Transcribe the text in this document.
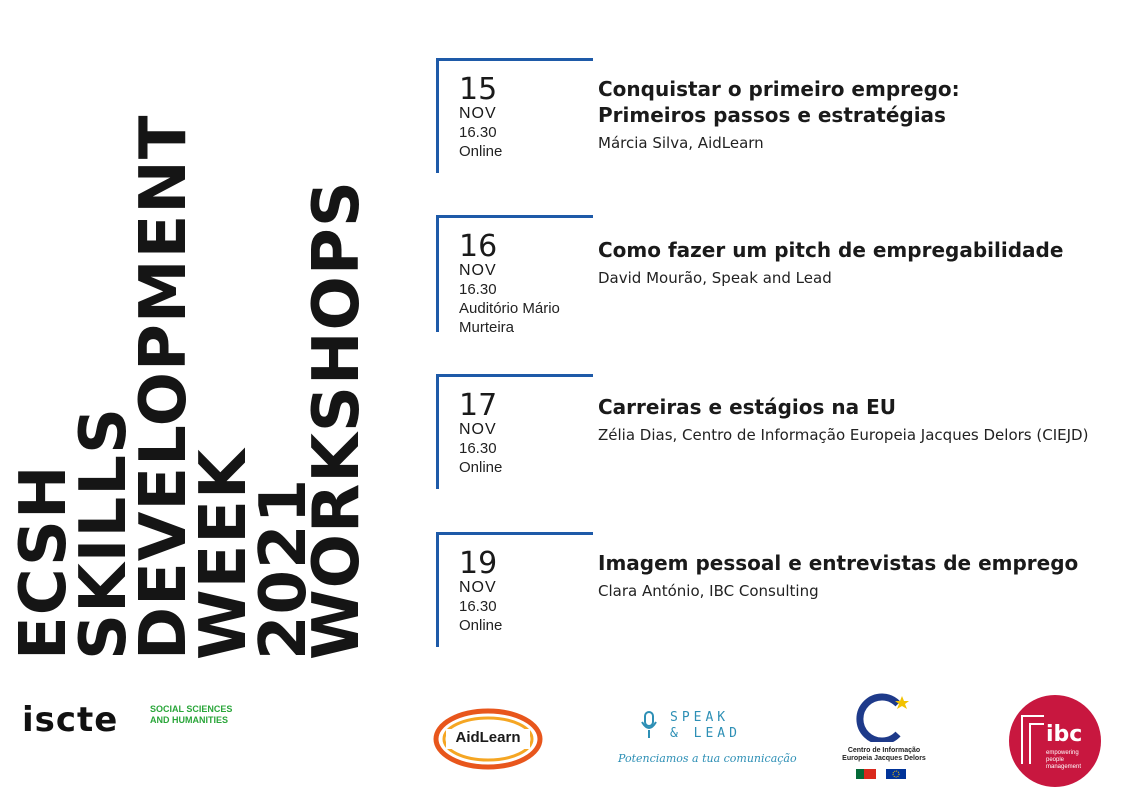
ECSH
SKILLS
DEVELOPMENT
WEEK
2021
WORKSHOPS
15
NOV
16.30
Online
Conquistar o primeiro emprego: Primeiros passos e estratégias
Márcia Silva, AidLearn
16
NOV
16.30
Auditório Mário Murteira
Como fazer um pitch de empregabilidade
David Mourão, Speak and Lead
17
NOV
16.30
Online
Carreiras e estágios na EU
Zélia Dias, Centro de Informação Europeia Jacques Delors (CIEJD)
19
NOV
16.30
Online
Imagem pessoal e entrevistas de emprego
Clara António, IBC Consulting
iscte	SOCIAL SCIENCES
AND HUMANITIES
AidLearn
SPEAK
& LEAD
Potenciamos a tua comunicação
Centro de Informação
Europeia Jacques Delors
ibc
empowering people management
